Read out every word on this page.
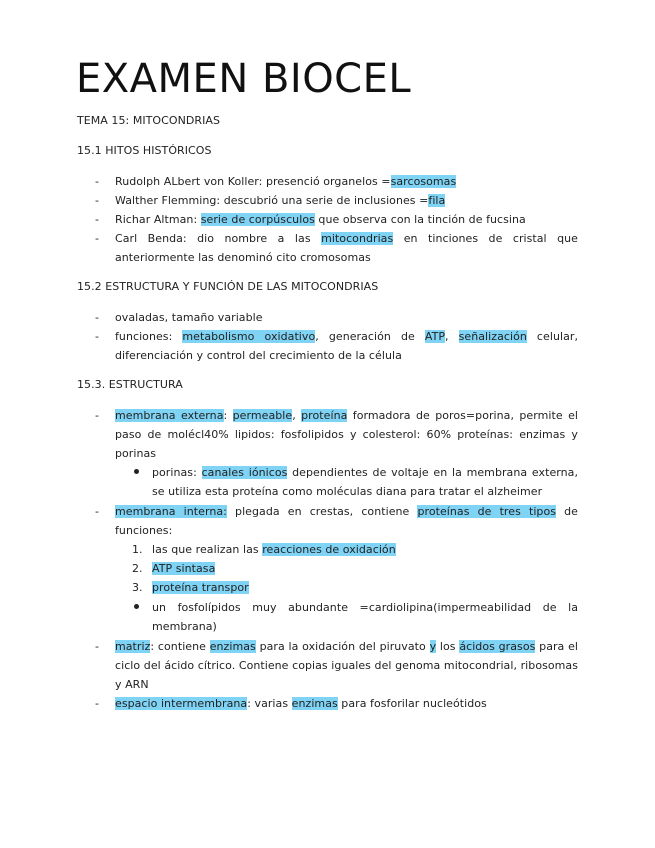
EXAMEN BIOCEL
TEMA 15: MITOCONDRIAS
15.1 HITOS HISTÓRICOS
-	Rudolph ALbert von Koller: presenció organelos =sarcosomas
-	Walther Flemming: descubrió una serie de inclusiones =fila
-	Richar Altman: serie de corpúsculos que observa con la tinción de fucsina
-	Carl Benda: dio nombre a las mitocondrias en tinciones de cristal que anteriormente las denominó cito cromosomas
15.2 ESTRUCTURA Y FUNCIÓN DE LAS MITOCONDRIAS
-	ovaladas, tamaño variable
-	funciones: metabolismo oxidativo, generación de ATP, señalización celular, diferenciación y control del crecimiento de la célula
15.3. ESTRUCTURA
-	membrana externa: permeable, proteína formadora de poros=porina, permite el paso de molécl40% lipidos: fosfolipidos y colesterol: 60% proteínas: enzimas y porinas
porinas: canales iónicos dependientes de voltaje en la membrana externa, se utiliza esta proteína como moléculas diana para tratar el alzheimer
-	membrana interna: plegada en crestas, contiene proteínas de tres tipos de funciones:
1. las que realizan las reacciones de oxidación
2. ATP sintasa
3. proteína transpor
un fosfolípidos muy abundante =cardiolipina(impermeabilidad de la membrana)
-	matriz: contiene enzimas para la oxidación del piruvato y los ácidos grasos para el ciclo del ácido cítrico. Contiene copias iguales del genoma mitocondrial, ribosomas y ARN
-	espacio intermembrana: varias enzimas para fosforilar nucleótidos
